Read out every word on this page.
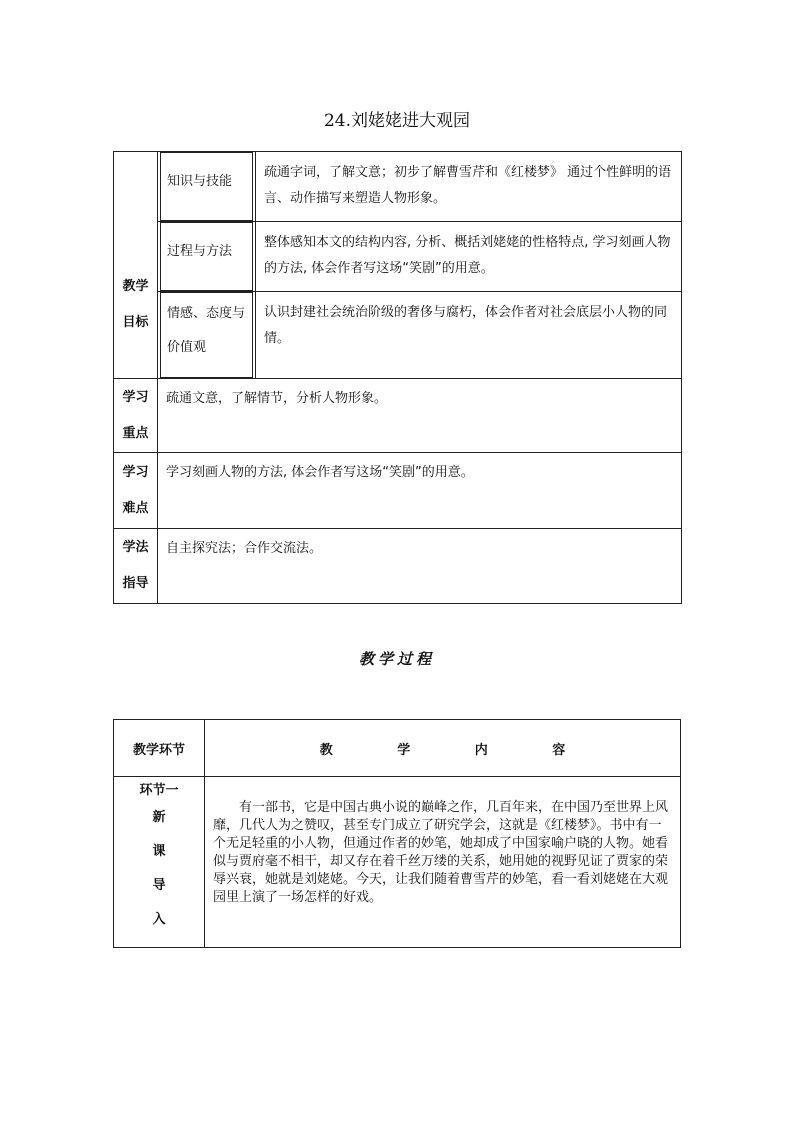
24.刘姥姥进大观园
教学
目标	知识与技能	疏通字词，了解文意；初步了解曹雪芹和《红楼梦》 通过个性鲜明的语言、动作描写来塑造人物形象。

	过程与方法	整体感知本文的结构内容, 分析、概括刘姥姥的性格特点, 学习刻画人物的方法, 体会作者写这场“笑剧”的用意。

	情感、态度与价值观	认识封建社会统治阶级的奢侈与腐朽，体会作者对社会底层小人物的同情。

学习
重点	疏通文意，了解情节，分析人物形象。	

学习
难点	学习刻画人物的方法, 体会作者写这场“笑剧”的用意。	

学法
指导	自主探究法；合作交流法。	
教学过程
教学环节	教 学 内 容

环节一
新
课
导
入	有一部书，它是中国古典小说的巅峰之作，几百年来，在中国乃至世界上风靡，几代人为之赞叹，甚至专门成立了研究学会，这就是《红楼梦》。书中有一个无足轻重的小人物，但通过作者的妙笔，她却成了中国家喻户晓的人物。她看似与贾府毫不相干，却又存在着千丝万缕的关系，她用她的视野见证了贾家的荣辱兴衰，她就是刘姥姥。今天，让我们随着曹雪芹的妙笔，看一看刘姥姥在大观园里上演了一场怎样的好戏。
